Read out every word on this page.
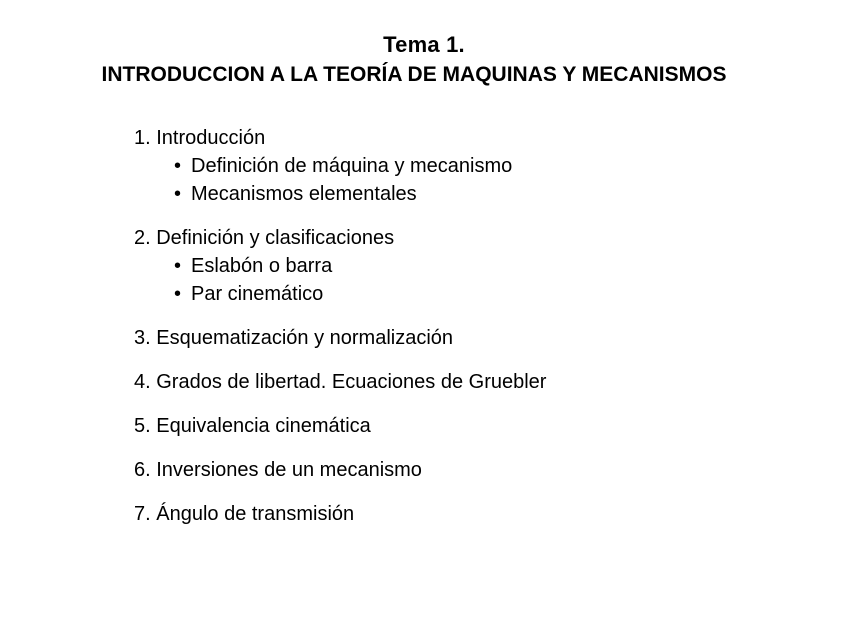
Tema 1.
INTRODUCCION A LA TEORÍA DE MAQUINAS Y MECANISMOS
1. Introducción
• Definición de máquina y mecanismo
• Mecanismos elementales
2. Definición y clasificaciones
• Eslabón o barra
• Par cinemático
3. Esquematización y normalización
4. Grados de libertad. Ecuaciones de Gruebler
5. Equivalencia cinemática
6. Inversiones de un mecanismo
7. Ángulo de transmisión
